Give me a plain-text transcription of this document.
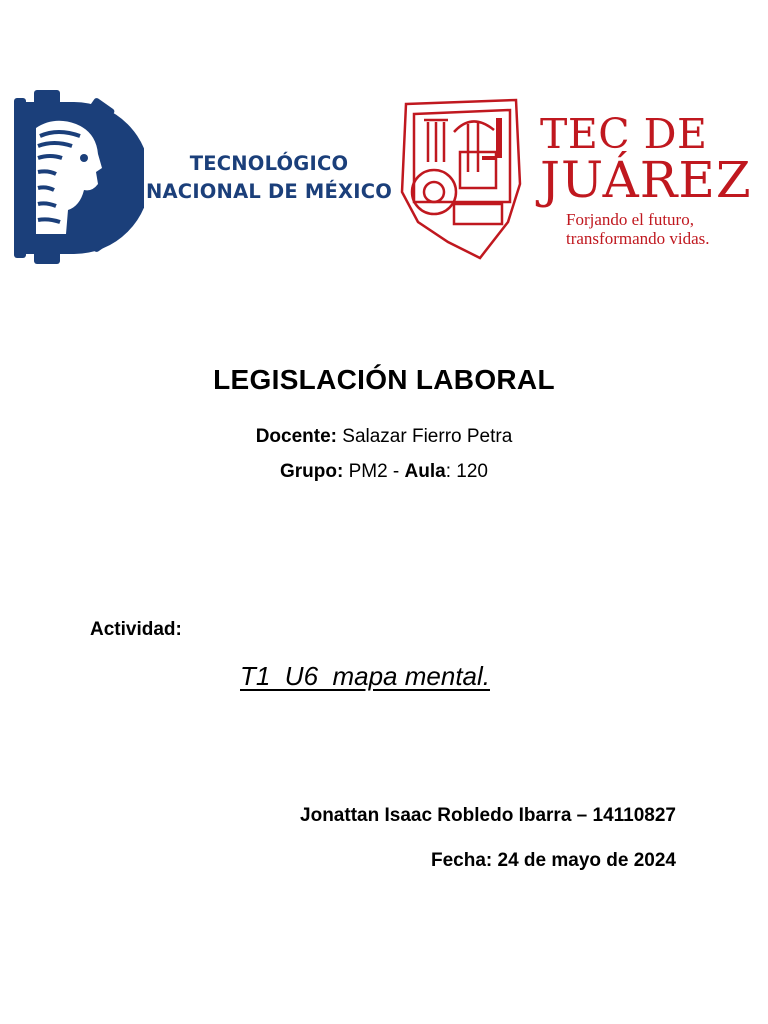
TECNOLÓGICO
NACIONAL DE MÉXICO
TEC DE
JUÁREZ
Forjando el futuro,
transformando vidas.
LEGISLACIÓN LABORAL
Docente: Salazar Fierro Petra
Grupo: PM2 - Aula: 120
Actividad:
T1  U6  mapa mental.
Jonattan Isaac Robledo Ibarra – 14110827
Fecha: 24 de mayo de 2024
